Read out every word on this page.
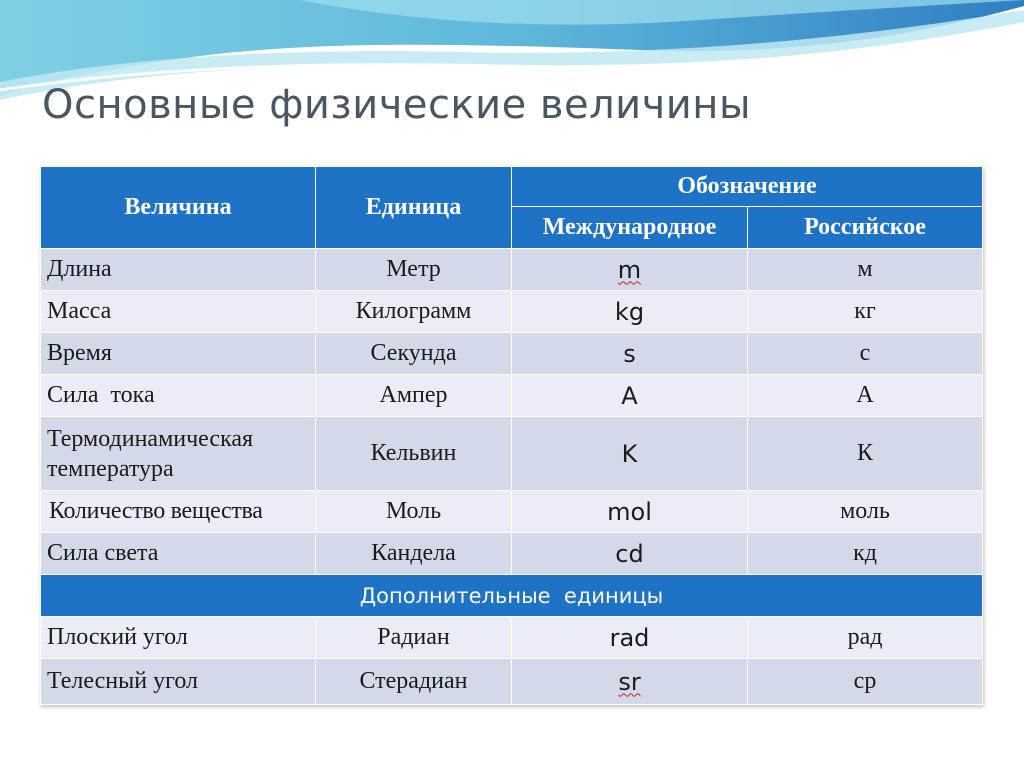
Основные физические величины
Величина	Единица	Обозначение	
		Международное	Российское
Длина	Метр	m	м
Масса	Килограмм	kg	кг
Время	Секунда	s	с
Сила  тока	Ампер	A	А
Термодинамическая температура	Кельвин	K	К
Количество вещества	Моль	mol	моль
Сила света	Кандела	cd	кд
Дополнительные  единицы			
Плоский угол	Радиан	rad	рад
Телесный угол	Стерадиан	sr	ср
